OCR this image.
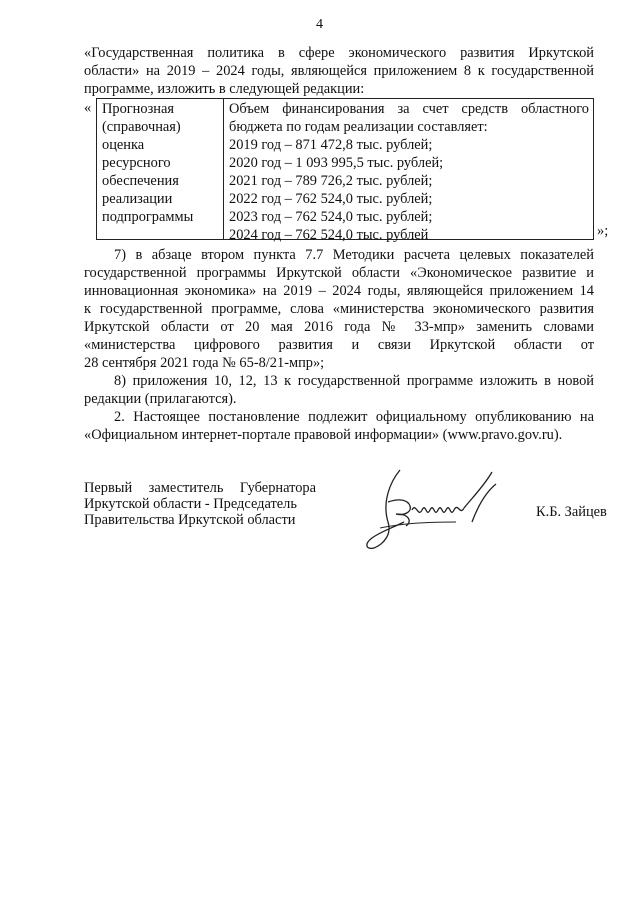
4
«Государственная политика в сфере экономического развития Иркутской
области» на 2019 – 2024 годы, являющейся приложением 8 к государственной
программе, изложить в следующей редакции:
« Прогнозная
(справочная)
оценка
ресурсного
обеспечения
реализации
подпрограммы
Объем финансирования за счет средств областного
бюджета по годам реализации составляет:
2019 год – 871 472,8 тыс. рублей;
2020 год – 1 093 995,5 тыс. рублей;
2021 год – 789 726,2 тыс. рублей;
2022 год – 762 524,0 тыс. рублей;
2023 год – 762 524,0 тыс. рублей;
2024 год – 762 524,0 тыс. рублей	»;
7) в абзаце втором пункта 7.7 Методики расчета целевых показателей
государственной программы Иркутской области «Экономическое развитие и
инновационная экономика» на 2019 – 2024 годы, являющейся приложением 14
к государственной программе, слова «министерства экономического развития
Иркутской области от 20 мая 2016 года № 33-мпр» заменить словами
«министерства цифрового развития и связи Иркутской области от
28 сентября 2021 года № 65-8/21-мпр»;
8) приложения 10, 12, 13 к государственной программе изложить в новой
редакции (прилагаются).
2. Настоящее постановление подлежит официальному опубликованию на
«Официальном интернет-портале правовой информации» (www.pravo.gov.ru).
Первый заместитель Губернатора
Иркутской области - Председатель
Правительства Иркутской области	К.Б. Зайцев
